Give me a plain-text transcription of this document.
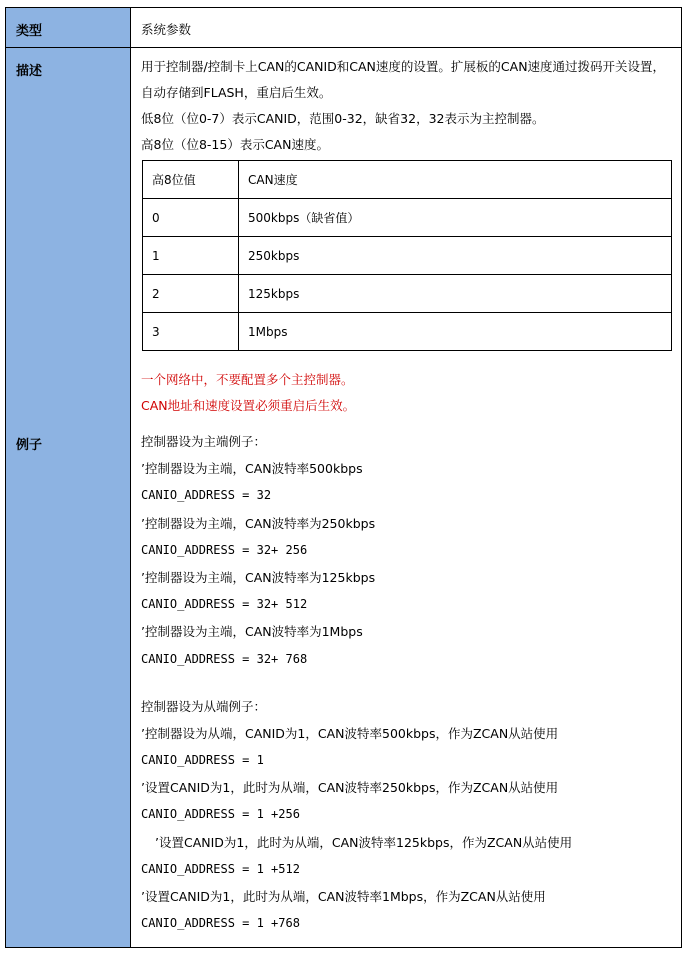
类型	系统参数
描述	用于控制器/控制卡上CAN的CANID和CAN速度的设置。扩展板的CAN速度通过拨码开关设置，自动存储到FLASH，重启后生效。

低8位（位0-7）表示CANID，范围0-32，缺省32，32表示为主控制器。

高8位（位8-15）表示CAN速度。

高8位值	CAN速度
0	500kbps（缺省值）
1	250kbps
2	125kbps
3	1Mbps
一个网络中，不要配置多个主控制器。
CAN地址和速度设置必须重启后生效。
例子	控制器设为主端例子：
’控制器设为主端，CAN波特率500kbps
CANIO_ADDRESS = 32
’控制器设为主端，CAN波特率为250kbps
CANIO_ADDRESS = 32+ 256
’控制器设为主端，CAN波特率为125kbps
CANIO_ADDRESS = 32+ 512
’控制器设为主端，CAN波特率为1Mbps
CANIO_ADDRESS = 32+ 768
控制器设为从端例子：
’控制器设为从端，CANID为1，CAN波特率500kbps，作为ZCAN从站使用
CANIO_ADDRESS = 1
’设置CANID为1，此时为从端，CAN波特率250kbps，作为ZCAN从站使用
CANIO_ADDRESS = 1 +256
’设置CANID为1，此时为从端，CAN波特率125kbps，作为ZCAN从站使用
CANIO_ADDRESS = 1 +512
’设置CANID为1，此时为从端，CAN波特率1Mbps，作为ZCAN从站使用
CANIO_ADDRESS = 1 +768
